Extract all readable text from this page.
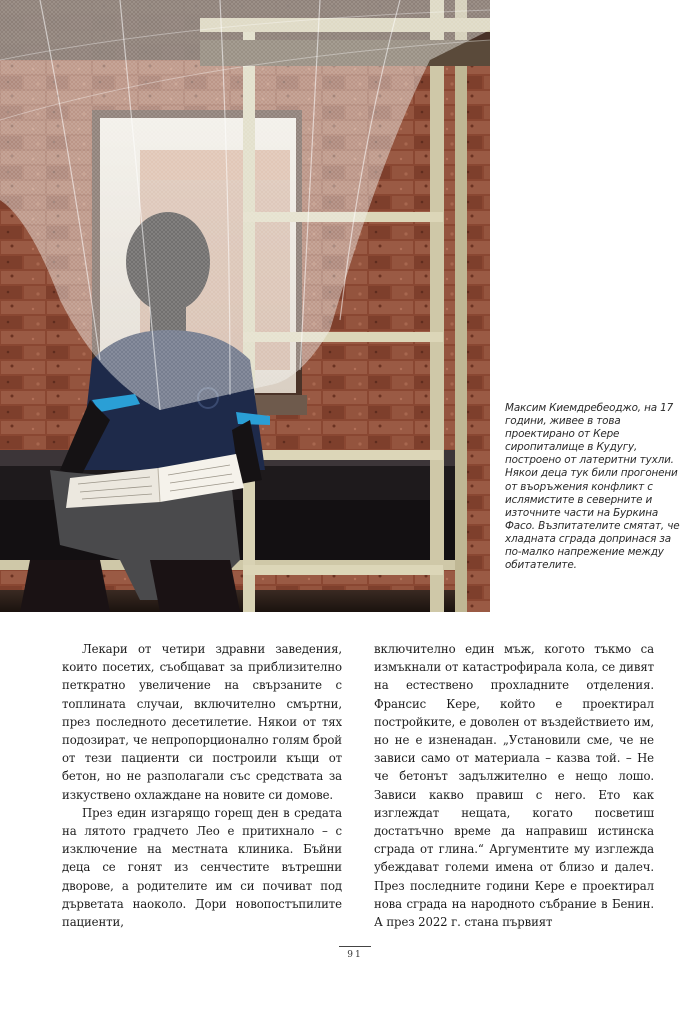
Максим Киемдребеоджо, на 17 години, живее в това проектирано от Кере сиропиталище в Кудугу, построено от латеритни тухли. Някои деца тук били прогонени от въоръжения конфликт с ислямистите в северните и източните части на Буркина Фасо. Възпитателите смятат, че хладната сграда допринася за по-малко напрежение между обитателите.

Лекари от четири здравни заведения, които посетих, съобщават за приблизително петкратно увеличение на свързаните с топлината случаи, включително смъртни, през последното десетилетие. Някои от тях подозират, че непропорционално голям брой от тези пациенти си построили къщи от бетон, но не разполагали със средствата за изкуствено охлаждане на новите си домове.

През един изгарящо горещ ден в средата на лятото градчето Лео е притихнало – с изключение на местната клиника. Бъйни деца се гонят из сенчестите вътрешни дворове, а родителите им си почиват под дърветата наоколо. Дори новопостъпилите пациенти,

включително един мъж, когото тъкмо са измъкнали от катастрофирала кола, се дивят на естествено прохладните отделения. Франсис Кере, който е проектирал постройките, е доволен от въздействието им, но не е изненадан. „Установили сме, че не зависи само от материала – казва той. – Не че бетонът задължително е нещо лошо. Зависи какво правиш с него. Ето как изглеждат нещата, когато посветиш достатъчно време да направиш истинска сграда от глина.“ Аргументите му изглежда убеждават големи имена от близо и далеч. През последните години Кере е проектирал нова сграда на народното събрание в Бенин. А през 2022 г. стана първият

91
